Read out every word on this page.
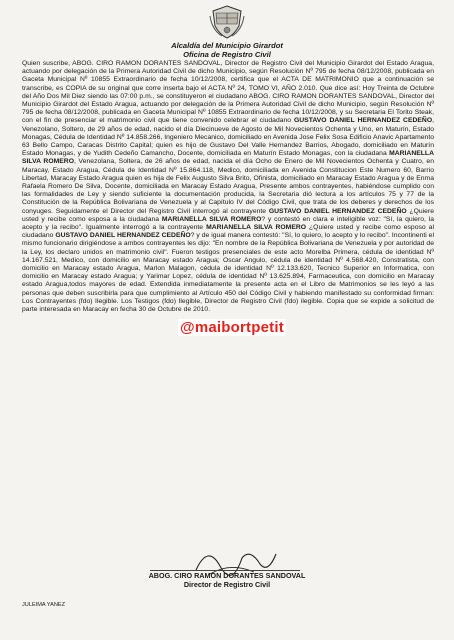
Alcaldía del Municipio Girardot
Oficina de Registro Civil

Quien suscribe, ABOG. CIRO RAMON DORANTES SANDOVAL, Director de Registro Civil del Municipio Girardot del Estado Aragua, actuando por delegación de la Primera Autoridad Civil de dicho Municipio, según Resolución Nº 795 de fecha 08/12/2008, publicada en Gaceta Municipal Nº 10855 Extraordinario de fecha 10/12/2008, certifica que el ACTA DE MATRIMONIO que a continuación se transcribe, es COPIA de su original que corre inserta bajo el ACTA Nº 24, TOMO VI, AÑO 2.010. Que dice así: Hoy Treinta de Octubre del Año Dos Mil Diez siendo las 07:00 p.m., se constituyeron el ciudadano ABOG. CIRO RAMON DORANTES SANDOVAL, Director del Municipio Girardot del Estado Aragua, actuando por delegación de la Primera Autoridad Civil de dicho Municipio, según Resolución Nº 795 de fecha 08/12/2008, publicada en Gaceta Municipal Nº 10855 Extraordinario de fecha 10/12/2008, y su Secretaria El Torito Steak, con el fin de presenciar el matrimonio civil que tiene convenido celebrar el ciudadano GUSTAVO DANIEL HERNANDEZ CEDEÑO, Venezolano, Soltero, de 29 años de edad, nacido el día Diecinueve de Agosto de Mil Novecientos Ochenta y Uno, en Maturín, Estado Monagas, Cédula de Identidad Nº 14.858.266, Ingeniero Mecanico, domiciliado en Avenida Jose Felix Sosa Edificio Anavic Apartamento 63 Bello Campo, Caracas Distrito Capital; quien es hijo de Gustavo Del Valle Hernandez Barrios, Abogado, domiciliado en Maturín Estado Monagas, y de Yudith Cedeño Camancho, Docente, domiciliada en Maturín Estado Monagas, con la ciudadana MARIANELLA SILVA ROMERO, Venezolana, Soltera, de 26 años de edad, nacida el día Ocho de Enero de Mil Novecientos Ochenta y Cuatro, en Maracay, Estado Aragua, Cédula de Identidad Nº 15.864.118, Medico, domiciliada en Avenida Constitucion Este Numero 60, Barrio Libertad, Maracay Estado Aragua quien es hija de Felix Augusto Silva Brito, Ofinista, domiciliado en Maracay Estado Aragua y de Enma Rafaela Romero De Silva, Docente, domiciliada en Maracay Estado Aragua, Presente ambos contrayentes, habiéndose cumplido con las formalidades de Ley y siendo suficiente la documentación producida, la Secretaria dió lectura a los artículos 75 y 77 de la Constitución de la República Bolivariana de Venezuela y al Capítulo IV del Código Civil, que trata de los deberes y derechos de los conyuges. Seguidamente el Director del Registro Civil interrogó al contrayente GUSTAVO DANIEL HERNANDEZ CEDEÑO ¿Quiere usted y recibe como esposa a la ciudadana MARIANELLA SILVA ROMERO? y contestó en clara e inteligible voz: "Sí, la quiero, la acepto y la recibo". Igualmente interrogó a la contrayente MARIANELLA SILVA ROMERO ¿Quiere usted y recibe como esposo al ciudadano GUSTAVO DANIEL HERNANDEZ CEDEÑO? y de igual manera contestó: "Sí, lo quiero, lo acepto y lo recibo". Incontinenti el mismo funcionario dirigiéndose a ambos contrayentes les dijo: "En nombre de la República Bolivariana de Venezuela y por autoridad de la Ley, los declaro unidos en matrimonio civil". Fueron testigos presenciales de este acto Morelba Primera, cédula de identidad Nº 14.167.521, Medico, con domicilio en Maracay estado Aragua; Oscar Angulo, cédula de identidad Nº 4.568.420, Constratista, con domicilio en Maracay estado Aragua, Marlon Malagon, cédula de identidad Nº 12.133.620, Tecnico Superior en Informatica, con domicilio en Maracay estado Aragua; y Yarimar Lopez, cédula de identidad Nº 13.625.894, Farmaceutica, con domicilio en Maracay estado Aragua,todos mayores de edad. Extendida inmediatamente la presente acta en el Libro de Matrimonios se les leyó a las personas que deben suscribirla para que cumplimiento al Artículo 450 del Código Civil y habiendo manifestado su conformidad firman: Los Contrayentes (fdo) Ilegible. Los Testigos (fdo) Ilegible, Director de Registro Civil (fdo) ilegible. Copia que se expide a solicitud de parte interesada en Maracay en fecha 30 de Octubre de 2010.

@maibortpetit
ABOG. CIRO RAMON DORANTES SANDOVAL
Director de Registro Civil
JULEIMA YANEZ
